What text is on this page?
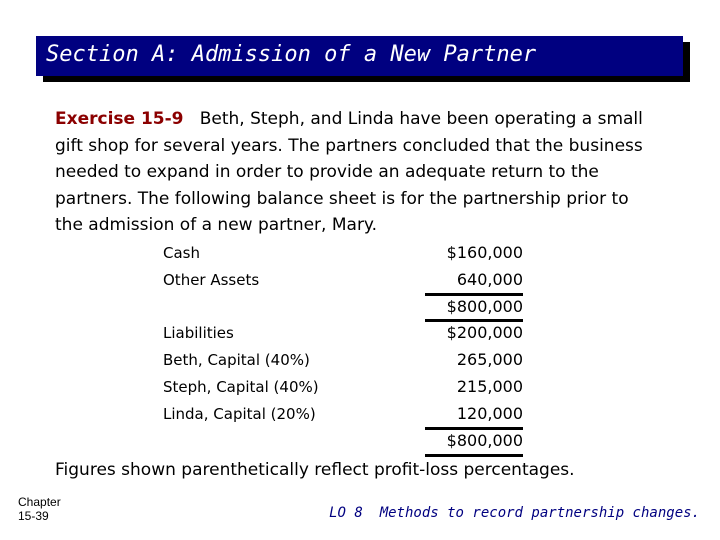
Section A: Admission of a New Partner
Exercise 15-9 Beth, Steph, and Linda have been operating a small gift shop for several years. The partners concluded that the business needed to expand in order to provide an adequate return to the partners. The following balance sheet is for the partnership prior to the admission of a new partner, Mary.
Cash	$160,000
Other Assets	640,000
$800,000
Liabilities	$200,000
Beth, Capital (40%)	265,000
Steph, Capital (40%)	215,000
Linda, Capital (20%)	120,000
$800,000
Figures shown parenthetically reflect profit-loss percentages.
Chapter
15-39	LO 8  Methods to record partnership changes.
